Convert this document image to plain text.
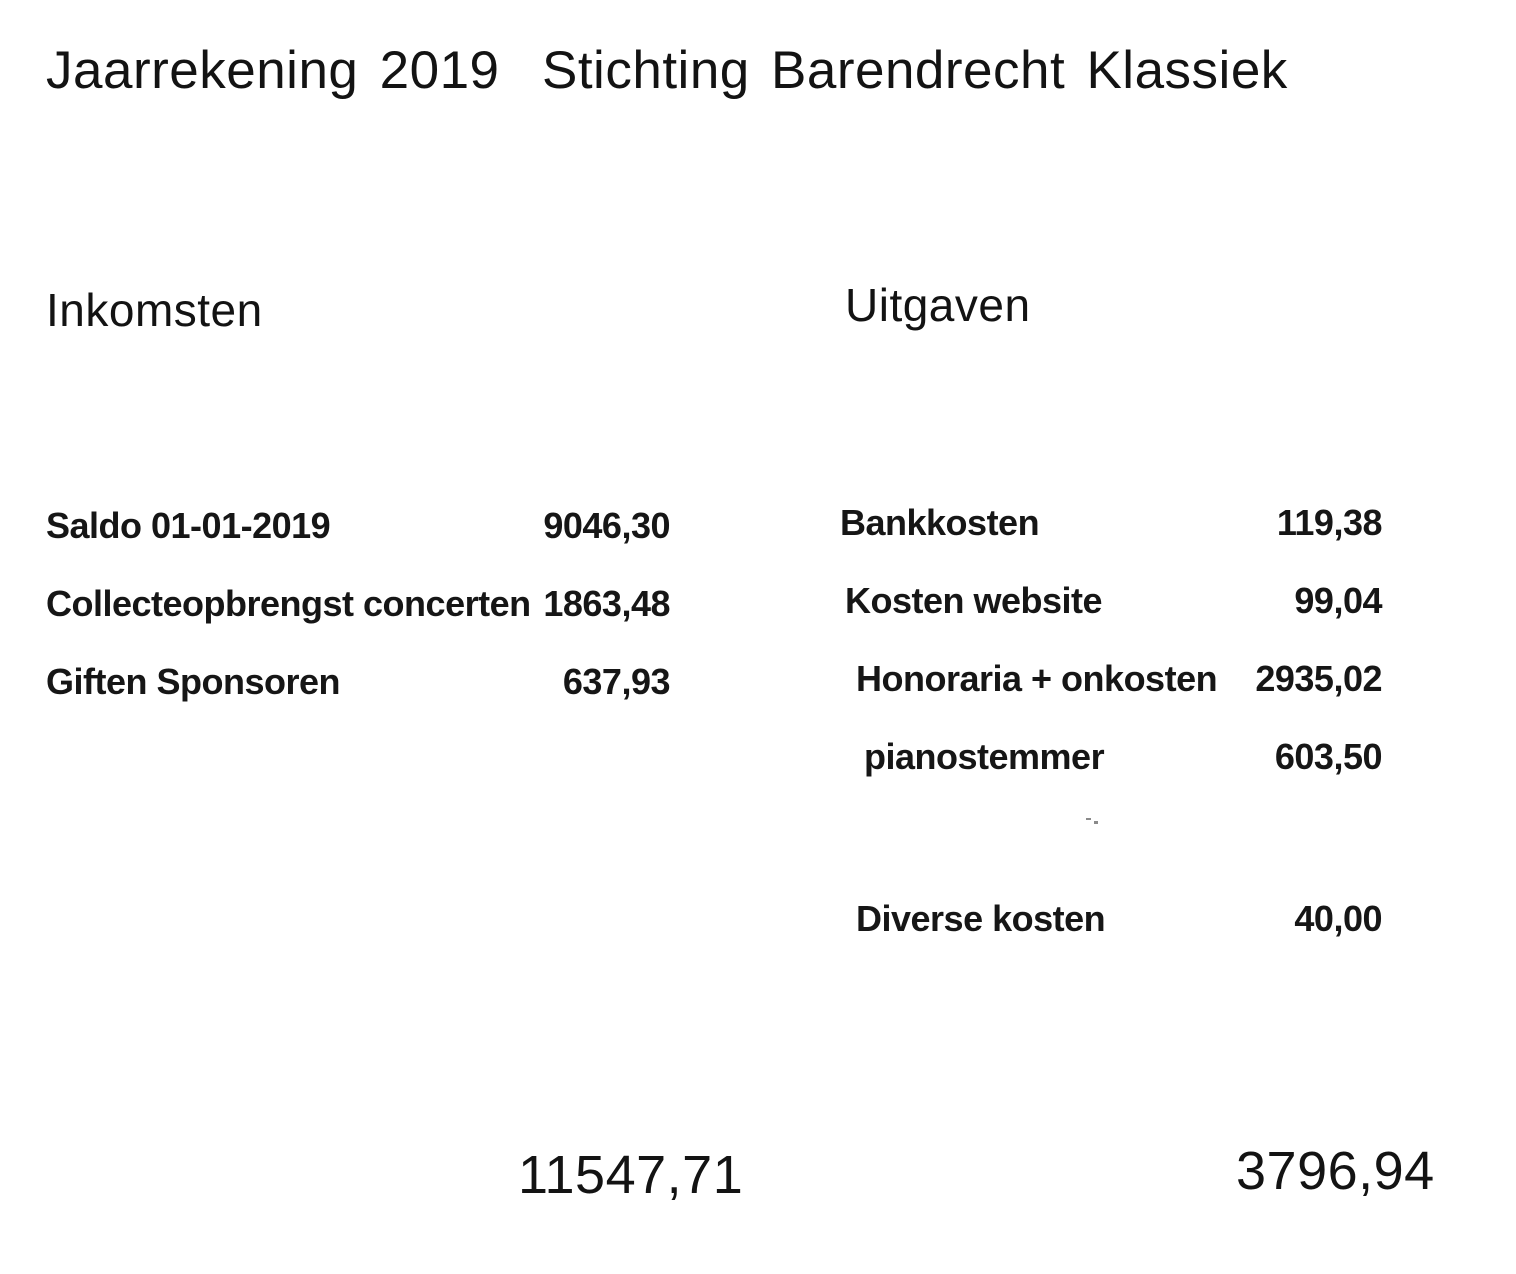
Jaarrekening 2019  Stichting Barendrecht Klassiek
Inkomsten	Uitgaven
Saldo 01-01-2019	9046,30
Collecteopbrengst concerten 1863,48
Giften Sponsoren	637,93
Bankkosten	119,38
Kosten website	99,04
Honoraria + onkosten 2935,02
pianostemmer	603,50
Diverse kosten	40,00
11547,71	3796,94
